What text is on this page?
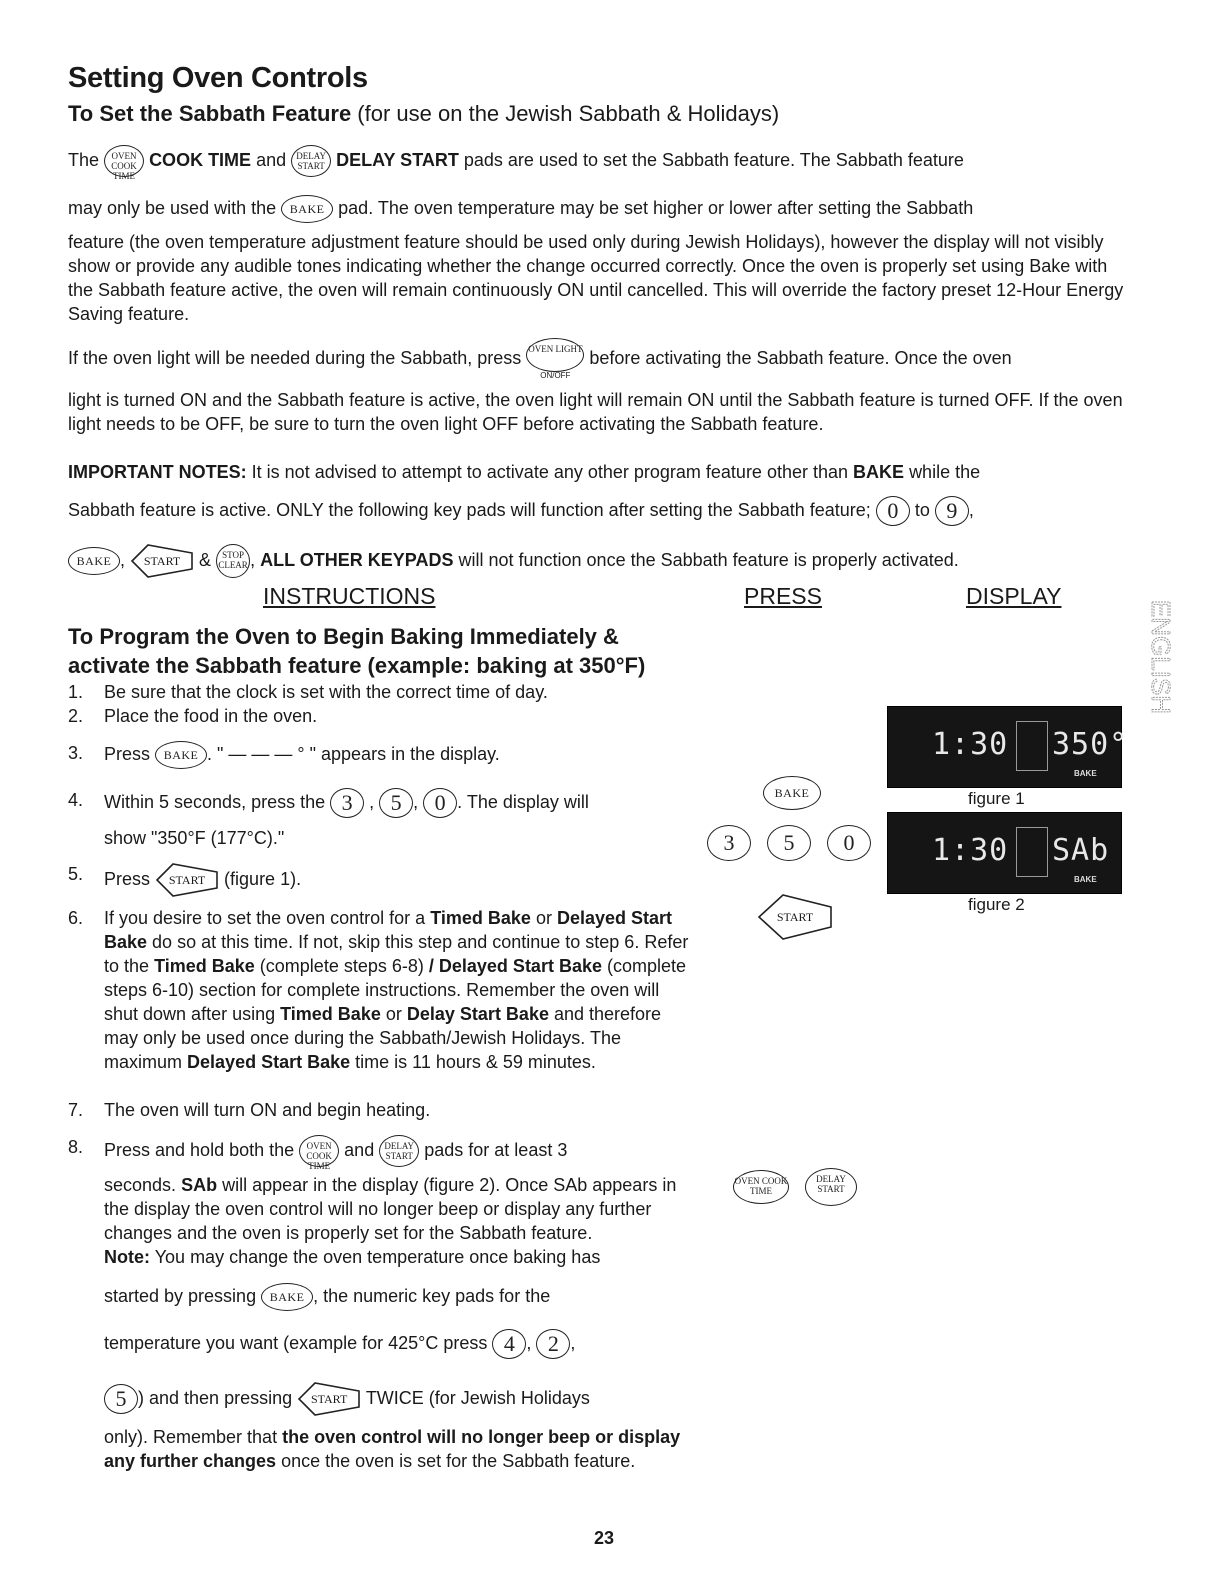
Setting Oven Controls
To Set the Sabbath Feature (for use on the Jewish Sabbath & Holidays)
The OVEN COOK TIME COOK TIME and DELAY START DELAY START pads are used to set the Sabbath feature. The Sabbath feature
may only be used with the BAKE pad. The oven temperature may be set higher or lower after setting the Sabbath
feature (the oven temperature adjustment feature should be used only during Jewish Holidays), however the display will not visibly show or provide any audible tones indicating whether the change occurred correctly. Once the oven is properly set using Bake with the Sabbath feature active, the oven will remain continuously ON until cancelled. This will override the factory preset 12-Hour Energy Saving feature.
If the oven light will be needed during the Sabbath, press OVEN LIGHT

ON/OFF
before activating the Sabbath feature. Once the oven
light is turned ON and the Sabbath feature is active, the oven light will remain ON until the Sabbath feature is turned OFF. If the oven light needs to be OFF, be sure to turn the oven light OFF before activating the Sabbath feature.
IMPORTANT NOTES: It is not advised to attempt to activate any other program feature other than BAKE while the
Sabbath feature is active. ONLY the following key pads will function after setting the Sabbath feature; 0 to 9 ,
BAKE ,	START	& STOP CLEAR , ALL OTHER KEYPADS will not function once the Sabbath feature is properly activated.
INSTRUCTIONS	PRESS	DISPLAY
ENGLISH
To Program the Oven to Begin Baking Immediately &
activate the Sabbath feature (example: baking at 350°F)
1. Be sure that the clock is set with the correct time of day.
2. Place the food in the oven.
3. Press BAKE . " — — — ° " appears in the display.
4. Within 5 seconds, press the 3 , 5 , 0 . The display will
show "350°F (177°C)."
5. Press	START	(figure 1).
6. If you desire to set the oven control for a Timed Bake or Delayed Start Bake do so at this time. If not, skip this step and continue to step 6. Refer to the Timed Bake (complete steps 6-8) / Delayed Start Bake (complete steps 6-10) section for complete instructions. Remember the oven will shut down after using Timed Bake or Delay Start Bake and therefore may only be used once during the Sabbath/Jewish Holidays. The maximum Delayed Start Bake time is 11 hours & 59 minutes.
7. The oven will turn ON and begin heating.
8. Press and hold both the OVEN COOK TIME and DELAY START pads for at least 3

seconds. SAb will appear in the display (figure 2). Once SAb appears in the display the oven control will no longer beep or display any further changes and the oven is properly set for the Sabbath feature.
Note: You may change the oven temperature once baking has
started by pressing BAKE , the numeric key pads for the
temperature you want (example for 425°C press 4 , 2 ,
5 ) and then pressing	START	TWICE (for Jewish Holidays
only). Remember that the oven control will no longer beep or display any further changes once the oven is set for the Sabbath feature.
BAKE
3	5	0
START
OVEN COOK TIME
DELAY START
1:30 350°
BAKE
figure 1
1:30 SAb
BAKE
figure 2
23
